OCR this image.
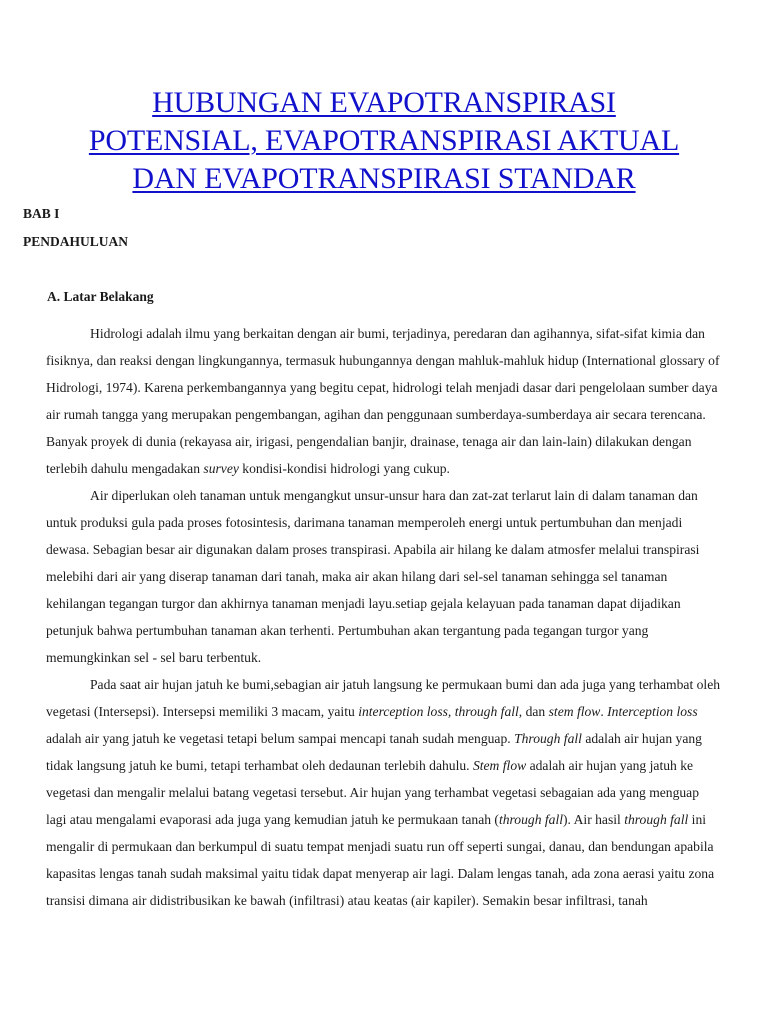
HUBUNGAN EVAPOTRANSPIRASI
POTENSIAL, EVAPOTRANSPIRASI AKTUAL
DAN EVAPOTRANSPIRASI STANDAR
BAB I
PENDAHULUAN
A. Latar Belakang

Hidrologi adalah ilmu yang berkaitan dengan air bumi, terjadinya, peredaran dan agihannya, sifat-sifat kimia dan fisiknya, dan reaksi dengan lingkungannya, termasuk hubungannya dengan mahluk-mahluk hidup (International glossary of Hidrologi, 1974). Karena perkembangannya yang begitu cepat, hidrologi telah menjadi dasar dari pengelolaan sumber daya air rumah tangga yang merupakan pengembangan, agihan dan penggunaan sumberdaya-sumberdaya air secara terencana. Banyak proyek di dunia (rekayasa air, irigasi, pengendalian banjir, drainase, tenaga air dan lain-lain) dilakukan dengan terlebih dahulu mengadakan survey kondisi-kondisi hidrologi yang cukup.

Air diperlukan oleh tanaman untuk mengangkut unsur-unsur hara dan zat-zat terlarut lain di dalam tanaman dan untuk produksi gula pada proses fotosintesis, darimana tanaman memperoleh energi untuk pertumbuhan dan menjadi dewasa. Sebagian besar air digunakan dalam proses transpirasi. Apabila air hilang ke dalam atmosfer melalui transpirasi melebihi dari air yang diserap tanaman dari tanah, maka air akan hilang dari sel-sel tanaman sehingga sel tanaman kehilangan tegangan turgor dan akhirnya tanaman menjadi layu.setiap gejala kelayuan pada tanaman dapat dijadikan petunjuk bahwa pertumbuhan tanaman akan terhenti. Pertumbuhan akan tergantung pada tegangan turgor yang memungkinkan sel - sel baru terbentuk.

Pada saat air hujan jatuh ke bumi,sebagian air jatuh langsung ke permukaan bumi dan ada juga yang terhambat oleh vegetasi (Intersepsi). Intersepsi memiliki 3 macam, yaitu interception loss, through fall, dan stem flow. Interception loss adalah air yang jatuh ke vegetasi tetapi belum sampai mencapi tanah sudah menguap. Through fall adalah air hujan yang tidak langsung jatuh ke bumi, tetapi terhambat oleh dedaunan terlebih dahulu. Stem flow adalah air hujan yang jatuh ke vegetasi dan mengalir melalui batang vegetasi tersebut. Air hujan yang terhambat vegetasi sebagaian ada yang menguap lagi atau mengalami evaporasi ada juga yang kemudian jatuh ke permukaan tanah (through fall). Air hasil through fall ini mengalir di permukaan dan berkumpul di suatu tempat menjadi suatu run off seperti sungai, danau, dan bendungan apabila kapasitas lengas tanah sudah maksimal yaitu tidak dapat menyerap air lagi. Dalam lengas tanah, ada zona aerasi yaitu zona transisi dimana air didistribusikan ke bawah (infiltrasi) atau keatas (air kapiler). Semakin besar infiltrasi, tanah
